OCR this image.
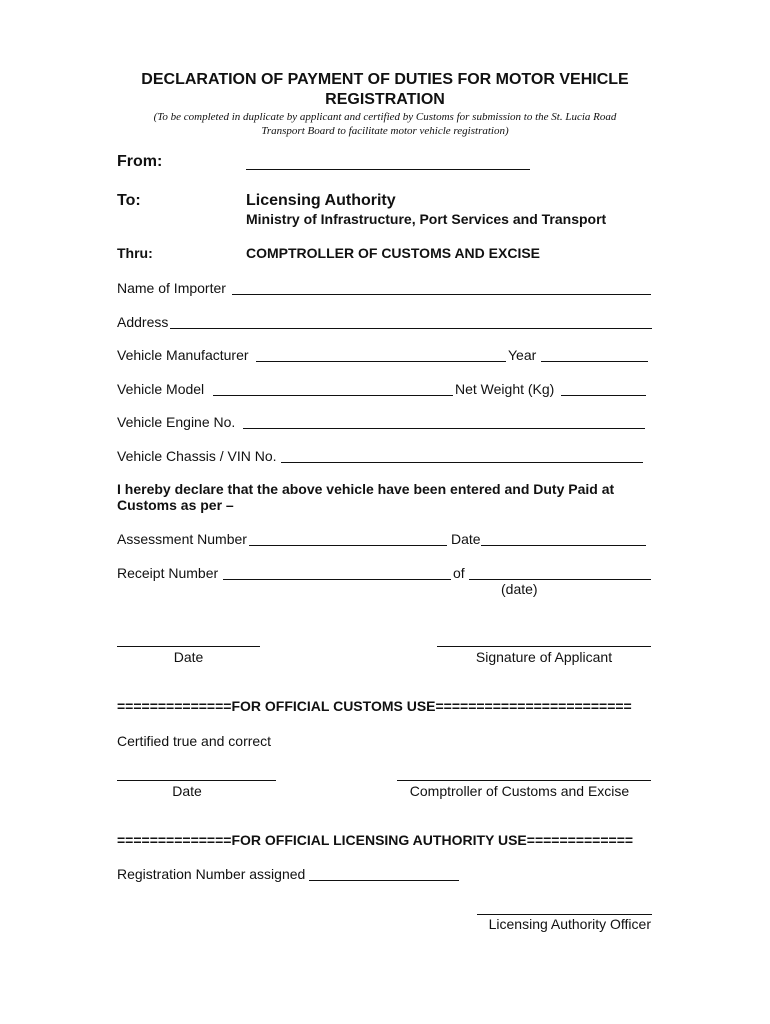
DECLARATION OF PAYMENT OF DUTIES FOR MOTOR VEHICLE
REGISTRATION
(To be completed in duplicate by applicant and certified by Customs for submission to the St. Lucia Road
Transport Board to facilitate motor vehicle registration)
From:
To:	Licensing Authority
Ministry of Infrastructure, Port Services and Transport
Thru:	COMPTROLLER OF CUSTOMS AND EXCISE
Name of Importer
Address
Vehicle Manufacturer	Year
Vehicle Model	Net Weight (Kg)
Vehicle Engine No.
Vehicle Chassis / VIN No.
I hereby declare that the above vehicle have been entered and Duty Paid at
Customs as per –
Assessment Number	Date
Receipt Number	of
(date)
Date	Signature of Applicant
==============FOR OFFICIAL CUSTOMS USE========================
Certified true and correct
Date	Comptroller of Customs and Excise
==============FOR OFFICIAL LICENSING AUTHORITY USE=============
Registration Number assigned
Licensing Authority Officer
